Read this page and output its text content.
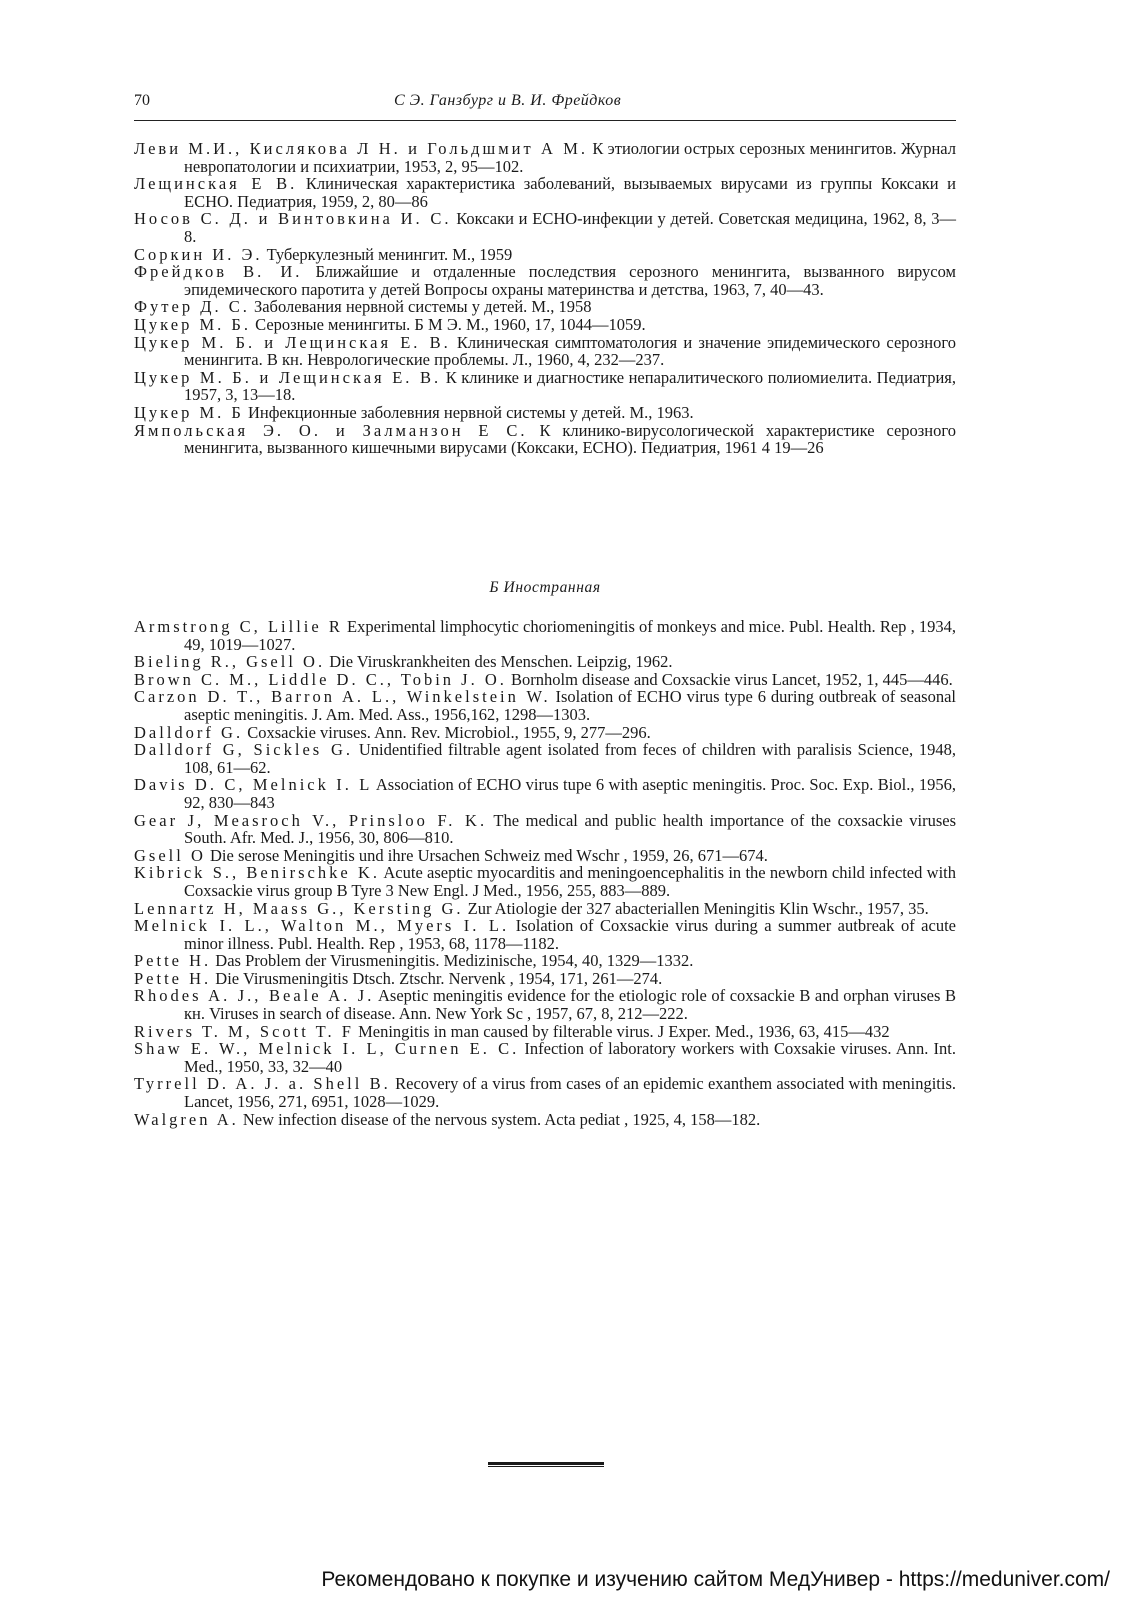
70	С Э. Ганзбург и В. И. Фрейдков

Леви М.И., Кислякова Л Н. и Гольдшмит А М. К этиологии острых серозных менингитов. Журнал невропатологии и психиатрии, 1953, 2, 95—102.

Лещинская Е В. Клиническая характеристика заболеваний, вызываемых вирусами из группы Коксаки и ЕСНО. Педиатрия, 1959, 2, 80—86

Носов С. Д. и Винтовкина И. С. Коксаки и ЕСНО-инфекции у детей. Советская медицина, 1962, 8, 3—8.

Соркин И. Э. Туберкулезный менингит. М., 1959

Фрейдков В. И. Ближайшие и отдаленные последствия серозного менингита, вызванного вирусом эпидемического паротита у детей Вопросы охраны материнства и детства, 1963, 7, 40—43.

Футер Д. С. Заболевания нервной системы у детей. М., 1958

Цукер М. Б. Серозные менингиты. Б М Э. М., 1960, 17, 1044—1059.

Цукер М. Б. и Лещинская Е. В. Клиническая симптоматология и значение эпидемического серозного менингита. В кн. Неврологические проблемы. Л., 1960, 4, 232—237.

Цукер М. Б. и Лещинская Е. В. К клинике и диагностике непаралитического полиомиелита. Педиатрия, 1957, 3, 13—18.

Цукер М. Б Инфекционные заболевния нервной системы у детей. М., 1963.

Ямпольская Э. О. и Залманзон Е С. К клинико-вирусологической характеристике серозного менингита, вызванного кишечными вирусами (Коксаки, ЕСНО). Педиатрия, 1961 4 19—26

Б Иностранная

Armstrong C, Lillie R Experimental limphocytic choriomeningitis of monkeys and mice. Publ. Health. Rep , 1934, 49, 1019—1027.

Bieling R., Gsell O. Die Viruskrankheiten des Menschen. Leipzig, 1962.

Brown C. M., Liddle D. C., Tobin J. O. Bornholm disease and Coxsackie virus Lancet, 1952, 1, 445—446.

Carzon D. T., Barron A. L., Winkelstein W. Isolation of ECHO virus type 6 during outbreak of seasonal aseptic meningitis. J. Am. Med. Ass., 1956,162, 1298—1303.

Dalldorf G. Coxsackie viruses. Ann. Rev. Microbiol., 1955, 9, 277—296.

Dalldorf G, Sickles G. Unidentified filtrable agent isolated from feces of children with paralisis Science, 1948, 108, 61—62.

Davis D. C, Melnick I. L Association of ECHO virus tupe 6 with aseptic meningitis. Proc. Soc. Exp. Biol., 1956, 92, 830—843

Gear J, Measroch V., Prinsloo F. K. The medical and public health importance of the coxsackie viruses South. Afr. Med. J., 1956, 30, 806—810.

Gsell O Die serose Meningitis und ihre Ursachen Schweiz med Wschr , 1959, 26, 671—674.

Kibrick S., Benirschke K. Acute aseptic myocarditis and meningoencephalitis in the newborn child infected with Coxsackie virus group B Tyre 3 New Engl. J Med., 1956, 255, 883—889.

Lennartz H, Maass G., Kersting G. Zur Atiologie der 327 abacteriallen Meningitis Klin Wschr., 1957, 35.

Melnick I. L., Walton M., Myers I. L. Isolation of Coxsackie virus during a summer autbreak of acute minor illness. Publ. Health. Rep , 1953, 68, 1178—1182.

Pette H. Das Problem der Virusmeningitis. Medizinische, 1954, 40, 1329—1332.

Pette H. Die Virusmeningitis Dtsch. Ztschr. Nervenk , 1954, 171, 261—274.

Rhodes A. J., Beale A. J. Aseptic meningitis evidence for the etiologic role of coxsackie B and orphan viruses B кн. Viruses in search of disease. Ann. New York Sc , 1957, 67, 8, 212—222.

Rivers T. M, Scott T. F Meningitis in man caused by filterable virus. J Exper. Med., 1936, 63, 415—432

Shaw E. W., Melnick I. L, Curnen E. C. Infection of laboratory workers with Coxsakie viruses. Ann. Int. Med., 1950, 33, 32—40

Tyrrell D. A. J. a. Shell B. Recovery of a virus from cases of an epidemic exanthem associated with meningitis. Lancet, 1956, 271, 6951, 1028—1029.

Walgren A. New infection disease of the nervous system. Acta pediat , 1925, 4, 158—182.

Рекомендовано к покупке и изучению сайтом МедУнивер - https://meduniver.com/
